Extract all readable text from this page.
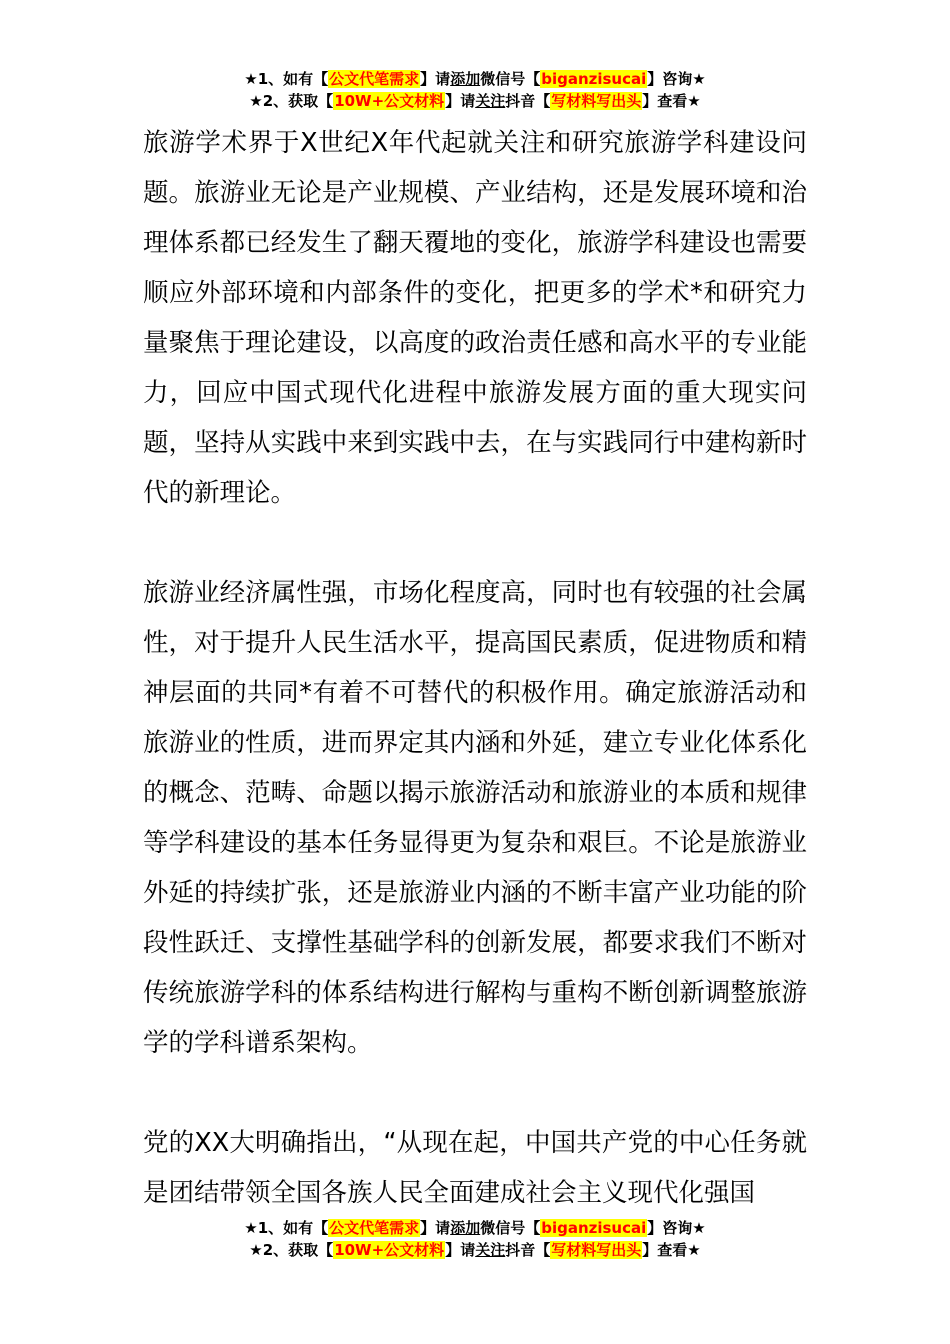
★1、如有【公文代笔需求】请添加微信号【biganzisucai】咨询★
★2、获取【10W+公文材料】请关注抖音【写材料写出头】查看★

旅游学术界于X世纪X年代起就关注和研究旅游学科建设问题。旅游业无论是产业规模、产业结构，还是发展环境和治理体系都已经发生了翻天覆地的变化，旅游学科建设也需要顺应外部环境和内部条件的变化，把更多的学术*和研究力量聚焦于理论建设，以高度的政治责任感和高水平的专业能力，回应中国式现代化进程中旅游发展方面的重大现实问题，坚持从实践中来到实践中去，在与实践同行中建构新时代的新理论。

旅游业经济属性强，市场化程度高，同时也有较强的社会属性，对于提升人民生活水平，提高国民素质，促进物质和精神层面的共同*有着不可替代的积极作用。确定旅游活动和旅游业的性质，进而界定其内涵和外延，建立专业化体系化的概念、范畴、命题以揭示旅游活动和旅游业的本质和规律等学科建设的基本任务显得更为复杂和艰巨。不论是旅游业外延的持续扩张，还是旅游业内涵的不断丰富产业功能的阶段性跃迁、支撑性基础学科的创新发展，都要求我们不断对传统旅游学科的体系结构进行解构与重构不断创新调整旅游学的学科谱系架构。

党的XX大明确指出，“从现在起，中国共产党的中心任务就是团结带领全国各族人民全面建成社会主义现代化强国

★1、如有【公文代笔需求】请添加微信号【biganzisucai】咨询★
★2、获取【10W+公文材料】请关注抖音【写材料写出头】查看★
